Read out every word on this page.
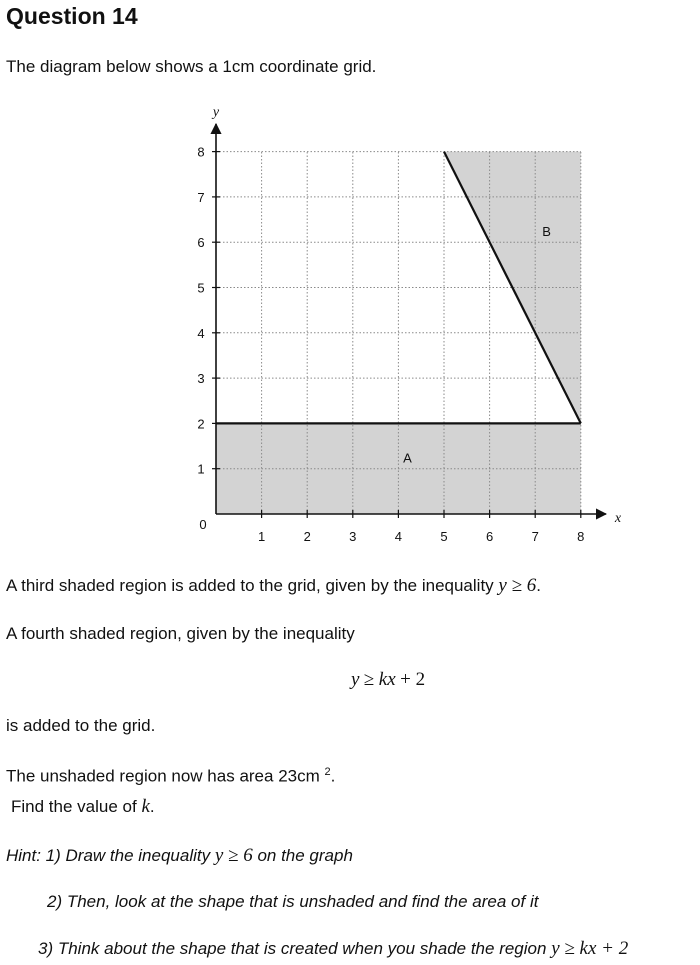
Question 14
The diagram below shows a 1cm coordinate grid.
1	2	3	4	5	6	7	8
1
2
3
4
5
6
7
8
0
y
x
A
B
A third shaded region is added to the grid, given by the inequality y ≥ 6.
A fourth shaded region, given by the inequality
y ≥ kx + 2
is added to the grid.
The unshaded region now has area 23cm $^2$.
Find the value of k.
Hint: 1) Draw the inequality y ≥ 6 on the graph
2) Then, look at the shape that is unshaded and find the area of it
3) Think about the shape that is created when you shade the region y ≥ kx + 2
